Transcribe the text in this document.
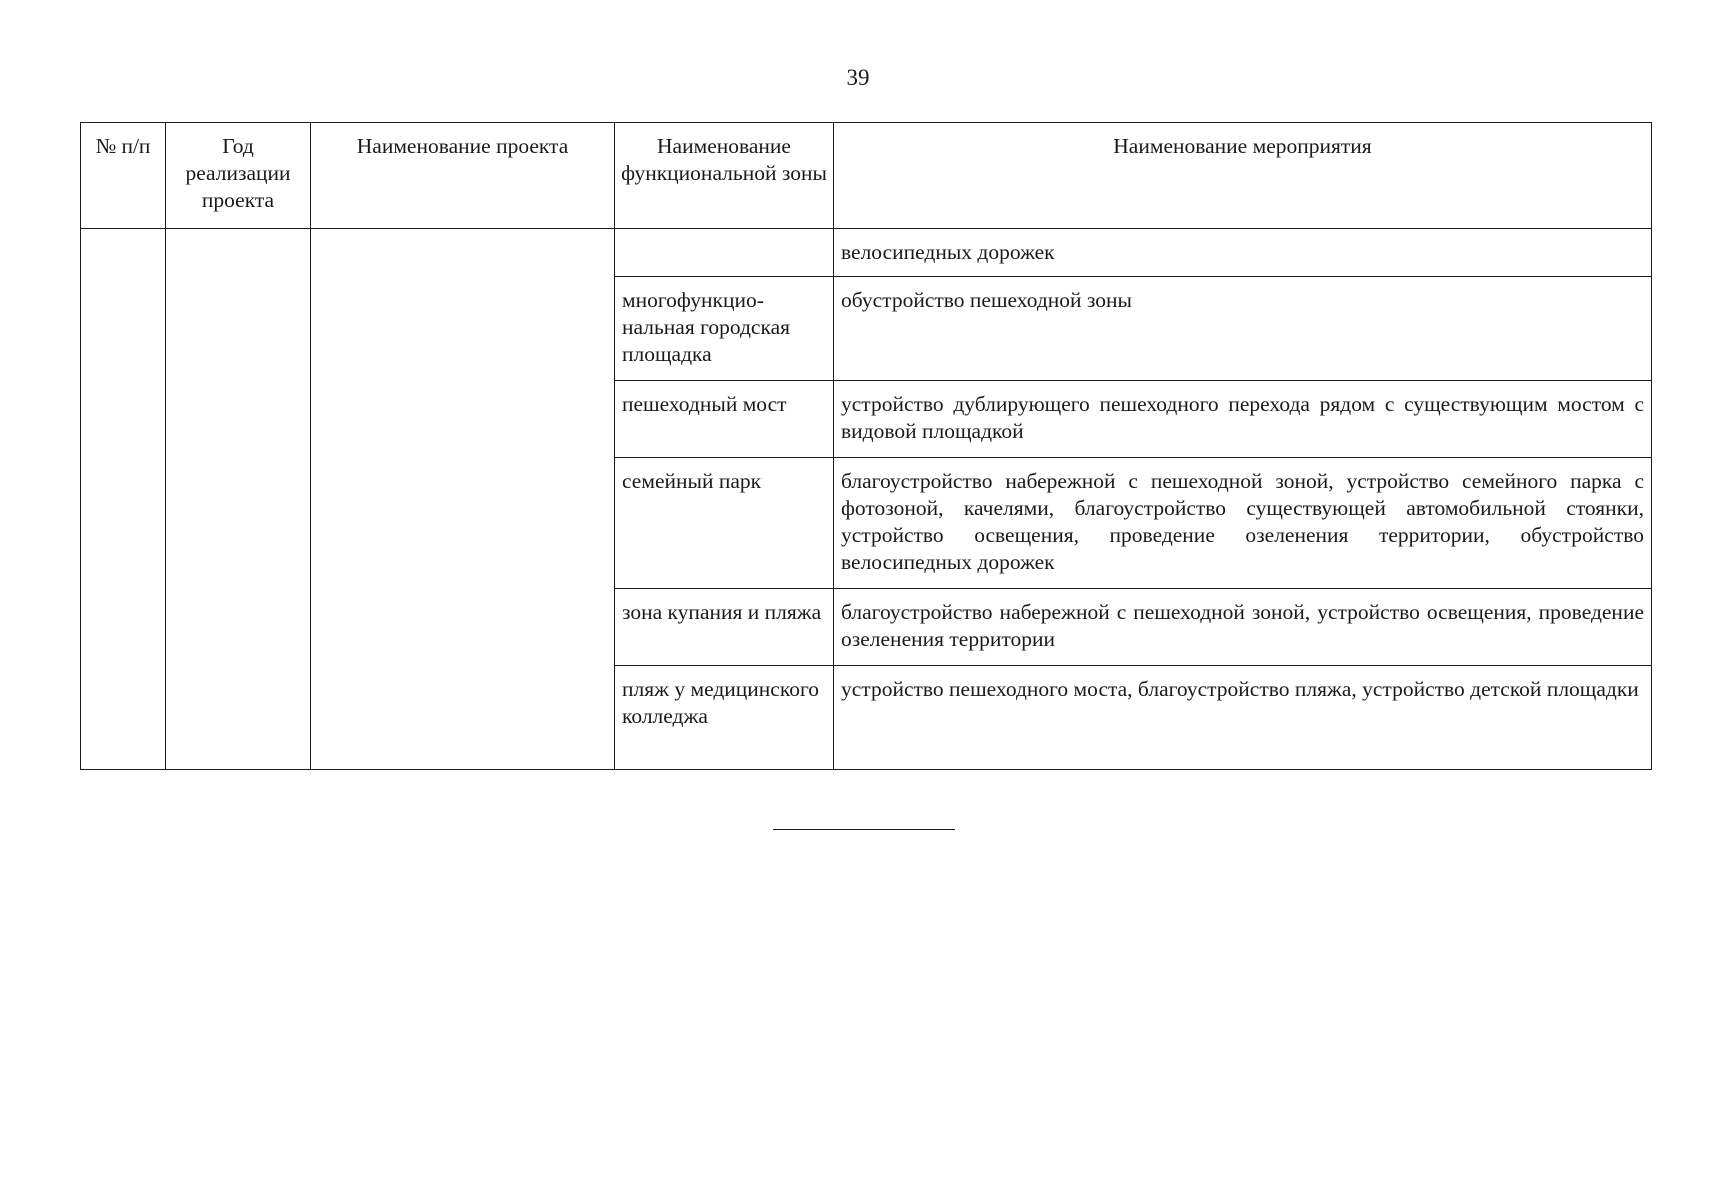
39
№ п/п	Год реализации проекта	Наименование проекта	Наименование функциональной зоны	Наименование мероприятия
				велосипедных дорожек
			многофункцио-нальная городская площадка	обустройство пешеходной зоны
			пешеходный мост	устройство дублирующего пешеходного перехода рядом с существующим мостом с видовой площадкой
			семейный парк	благоустройство набережной с пешеходной зоной, устройство семейного парка с фотозоной, качелями, благоустройство существующей автомобильной стоянки, устройство освещения, проведение озеленения территории, обустройство велосипедных дорожек
			зона купания и пляжа	благоустройство набережной с пешеходной зоной, устройство освещения, проведение озеленения территории
			пляж у медицинского колледжа	устройство пешеходного моста, благоустройство пляжа, устройство детской площадки
